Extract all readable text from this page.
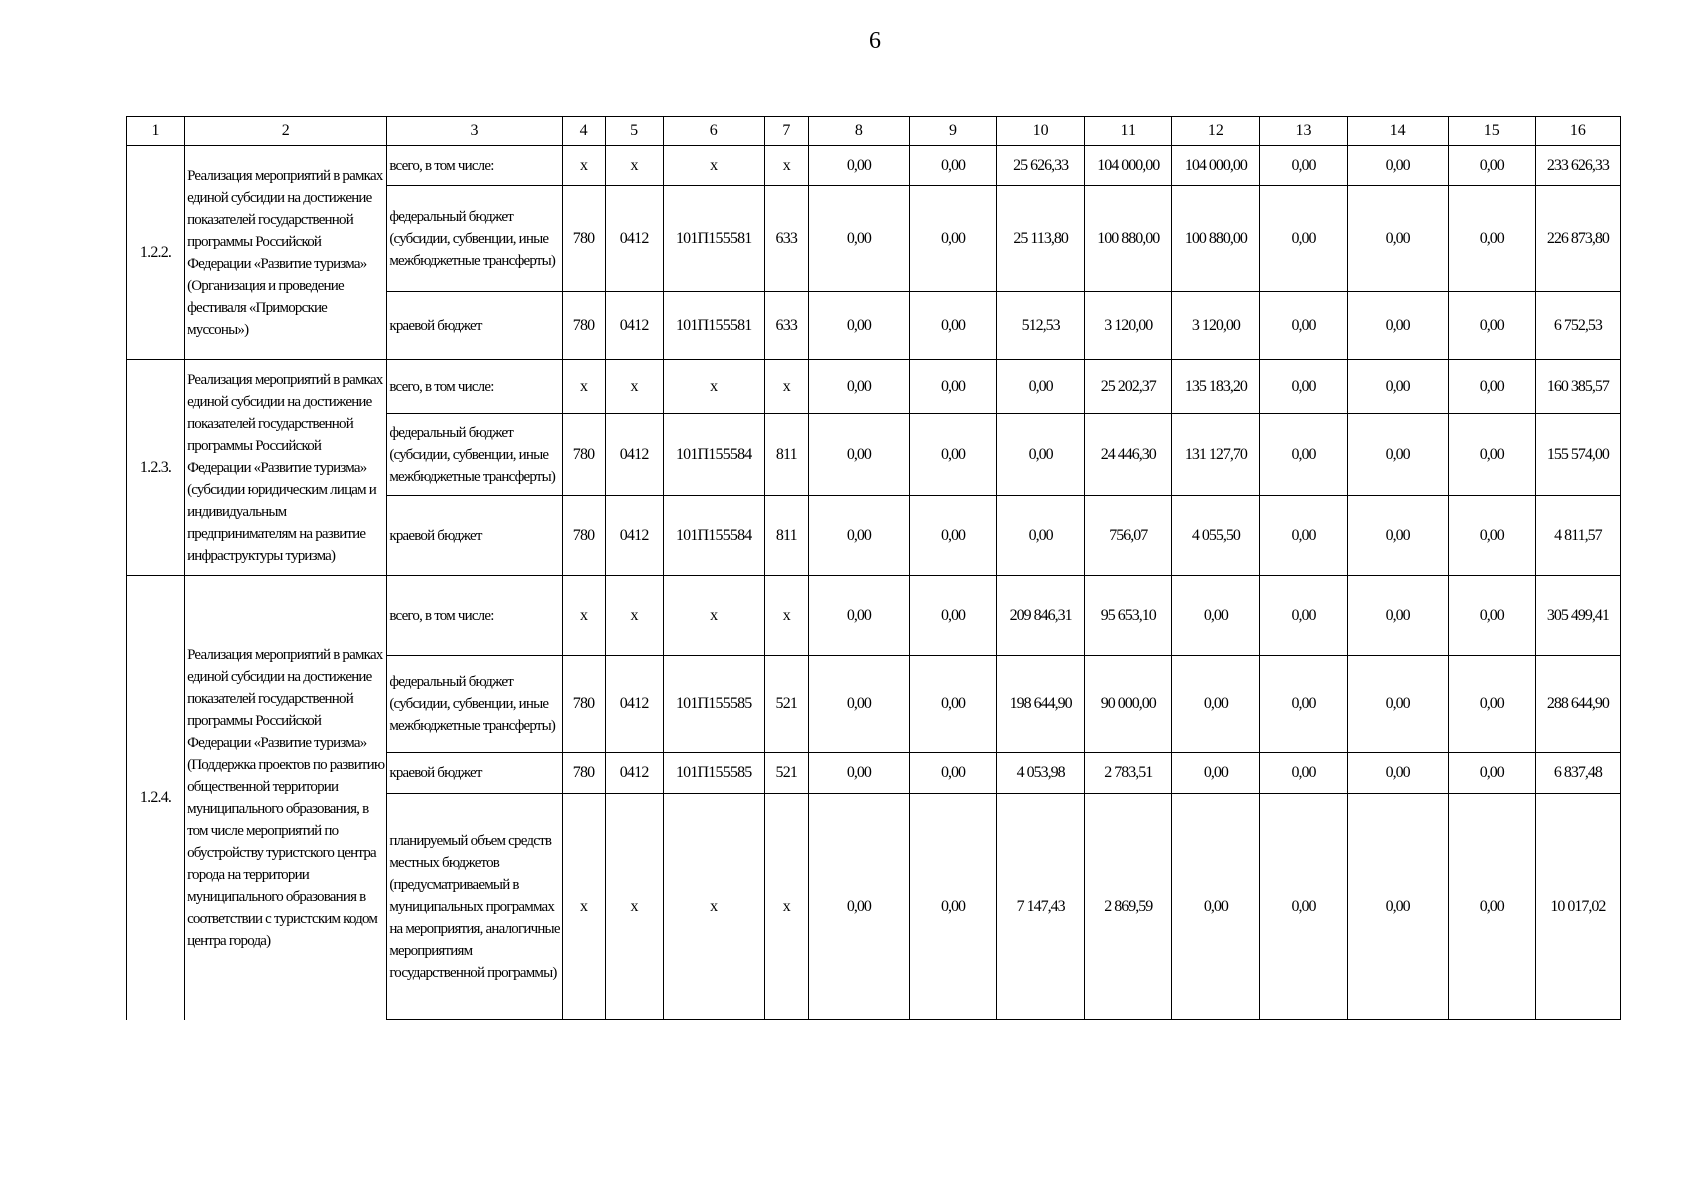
6
1	2	3	4	5	6	7	8	9	10	11	12	13	14	15	16
1.2.2.	Реализация мероприятий в рамках единой субсидии на достижение показателей государственной программы Российской Федерации «Развитие туризма» (Организация и проведение фестиваля «Приморские муссоны»)	всего, в том числе:	x	x	x	x	0,00	0,00	25 626,33	104 000,00	104 000,00	0,00	0,00	0,00	233 626,33
		федеральный бюджет (субсидии, субвенции, иные межбюджетные трансферты)	780	0412	101П155581	633	0,00	0,00	25 113,80	100 880,00	100 880,00	0,00	0,00	0,00	226 873,80
		краевой бюджет	780	0412	101П155581	633	0,00	0,00	512,53	3 120,00	3 120,00	0,00	0,00	0,00	6 752,53
1.2.3.	Реализация мероприятий в рамках единой субсидии на достижение показателей государственной программы Российской Федерации «Развитие туризма» (субсидии юридическим лицам и индивидуальным предпринимателям на развитие инфраструктуры туризма)	всего, в том числе:	x	x	x	x	0,00	0,00	0,00	25 202,37	135 183,20	0,00	0,00	0,00	160 385,57
		федеральный бюджет (субсидии, субвенции, иные межбюджетные трансферты)	780	0412	101П155584	811	0,00	0,00	0,00	24 446,30	131 127,70	0,00	0,00	0,00	155 574,00
		краевой бюджет	780	0412	101П155584	811	0,00	0,00	0,00	756,07	4 055,50	0,00	0,00	0,00	4 811,57
1.2.4.	Реализация мероприятий в рамках единой субсидии на достижение показателей государственной программы Российской Федерации «Развитие туризма» (Поддержка проектов по развитию общественной территории муниципального образования, в том числе мероприятий по обустройству туристского центра города на территории муниципального образования в соответствии с туристским кодом центра города)	всего, в том числе:	x	x	x	x	0,00	0,00	209 846,31	95 653,10	0,00	0,00	0,00	0,00	305 499,41
		федеральный бюджет (субсидии, субвенции, иные межбюджетные трансферты)	780	0412	101П155585	521	0,00	0,00	198 644,90	90 000,00	0,00	0,00	0,00	0,00	288 644,90
		краевой бюджет	780	0412	101П155585	521	0,00	0,00	4 053,98	2 783,51	0,00	0,00	0,00	0,00	6 837,48
		планируемый объем средств местных бюджетов (предусматриваемый в муниципальных программах на мероприятия, аналогичные мероприятиям государственной программы)	x	x	x	x	0,00	0,00	7 147,43	2 869,59	0,00	0,00	0,00	0,00	10 017,02
